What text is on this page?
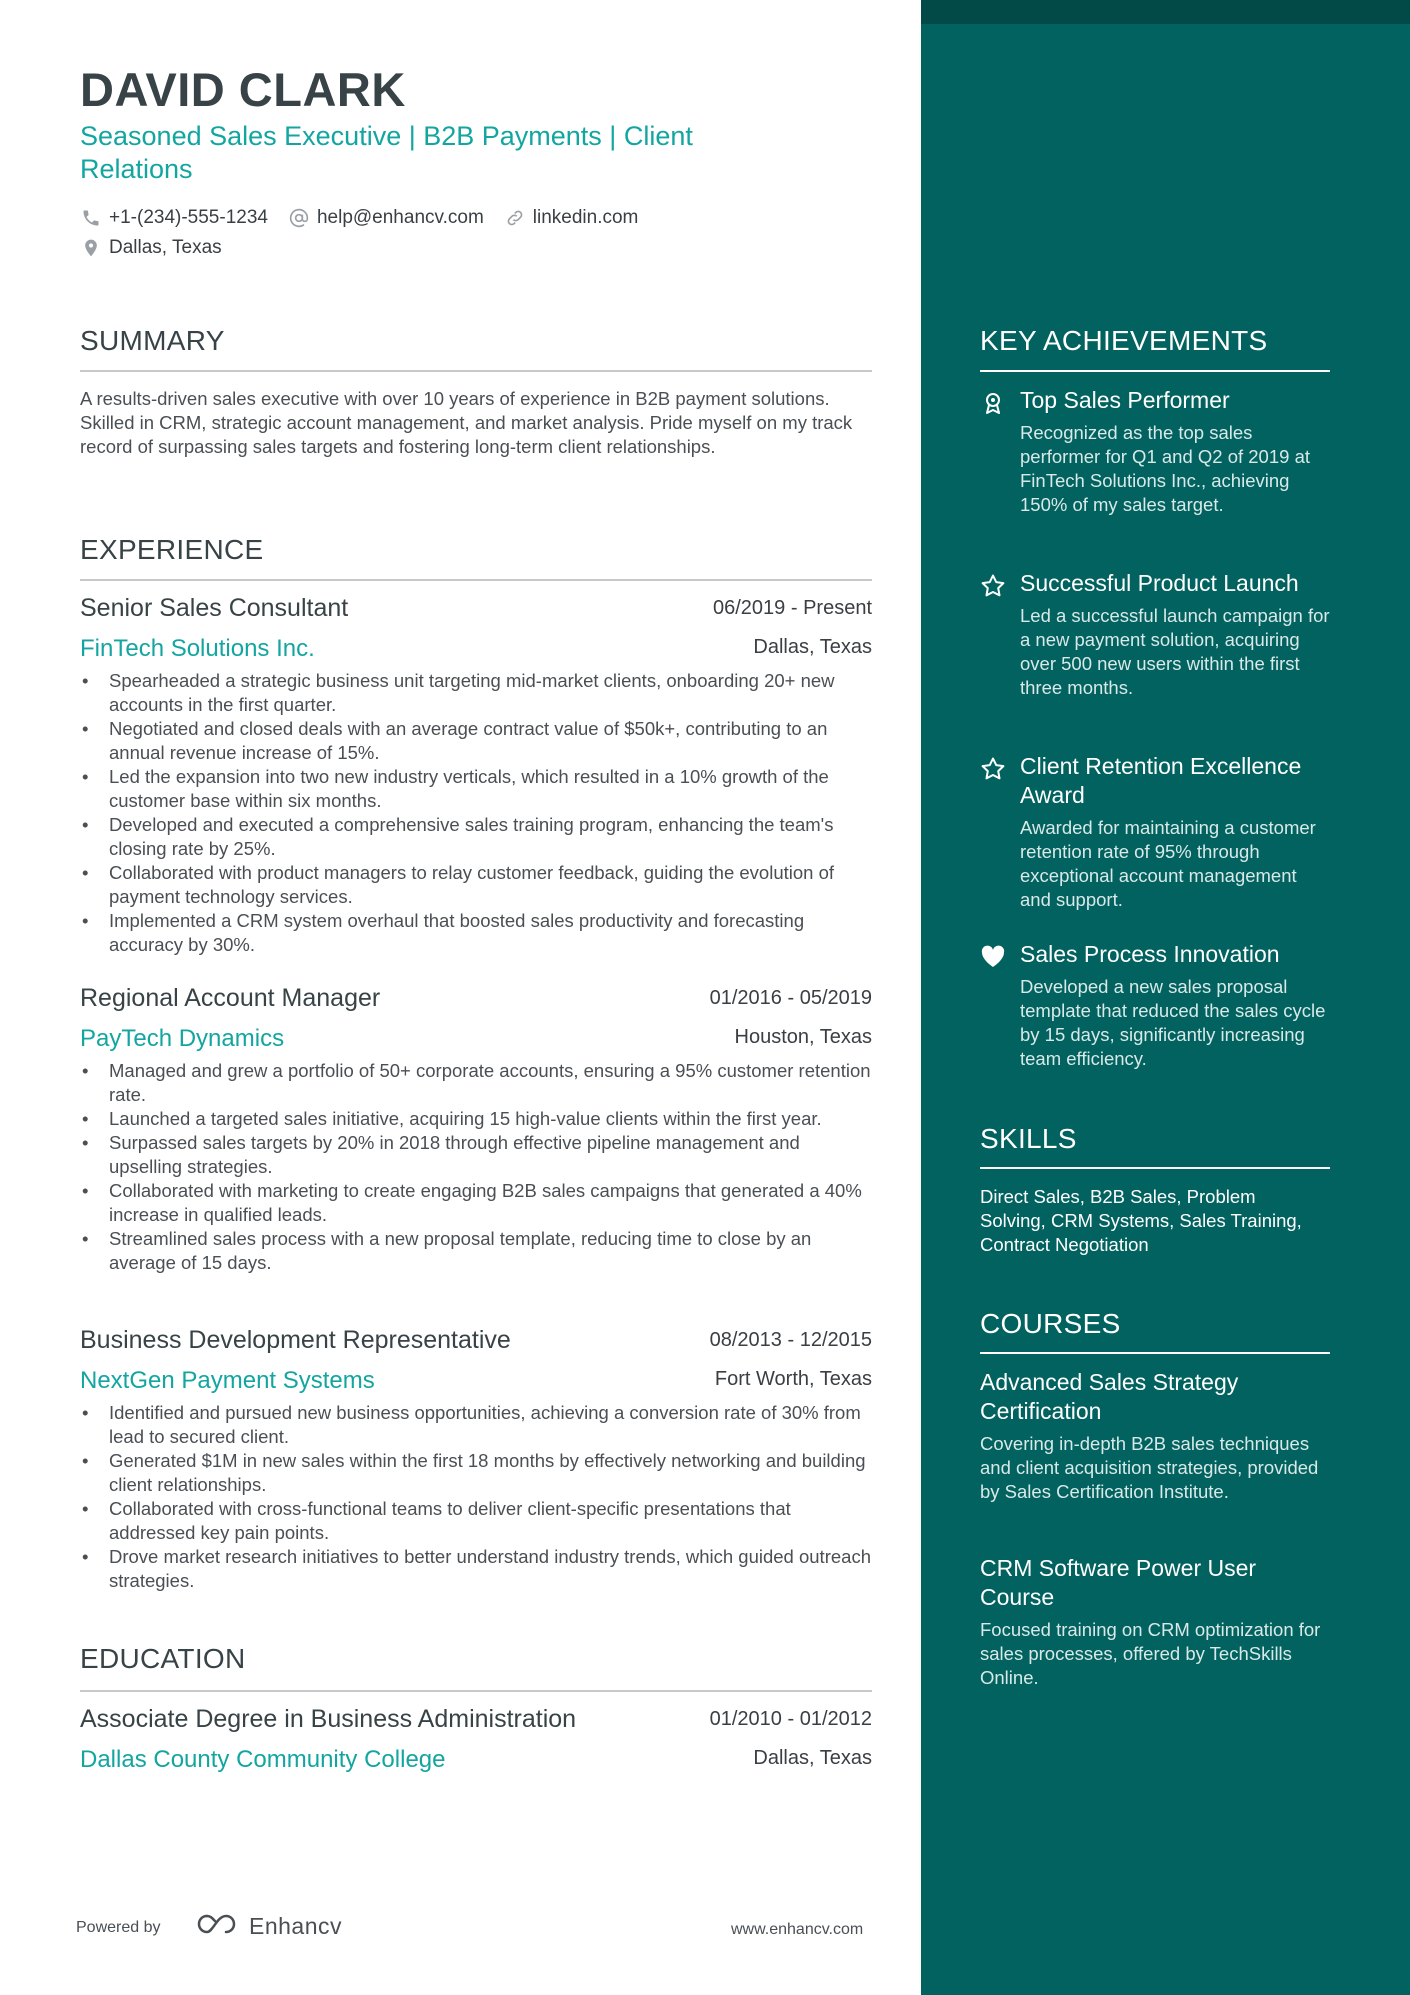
DAVID CLARK

Seasoned Sales Executive | B2B Payments | Client Relations

+1-(234)-555-1234	help@enhancv.com	linkedin.com
Dallas, Texas
SUMMARY

A results-driven sales executive with over 10 years of experience in B2B payment solutions. Skilled in CRM, strategic account management, and market analysis. Pride myself on my track record of surpassing sales targets and fostering long-term client relationships.

EXPERIENCE
Senior Sales Consultant	06/2019 - Present
FinTech Solutions Inc.	Dallas, Texas
• Spearheaded a strategic business unit targeting mid-market clients, onboarding 20+ new accounts in the first quarter.
• Negotiated and closed deals with an average contract value of $50k+, contributing to an annual revenue increase of 15%.
• Led the expansion into two new industry verticals, which resulted in a 10% growth of the customer base within six months.
• Developed and executed a comprehensive sales training program, enhancing the team's closing rate by 25%.
• Collaborated with product managers to relay customer feedback, guiding the evolution of payment technology services.
• Implemented a CRM system overhaul that boosted sales productivity and forecasting accuracy by 30%.
Regional Account Manager	01/2016 - 05/2019
PayTech Dynamics	Houston, Texas
• Managed and grew a portfolio of 50+ corporate accounts, ensuring a 95% customer retention rate.
• Launched a targeted sales initiative, acquiring 15 high-value clients within the first year.
• Surpassed sales targets by 20% in 2018 through effective pipeline management and upselling strategies.
• Collaborated with marketing to create engaging B2B sales campaigns that generated a 40% increase in qualified leads.
• Streamlined sales process with a new proposal template, reducing time to close by an average of 15 days.
Business Development Representative	08/2013 - 12/2015
NextGen Payment Systems	Fort Worth, Texas
• Identified and pursued new business opportunities, achieving a conversion rate of 30% from lead to secured client.
• Generated $1M in new sales within the first 18 months by effectively networking and building client relationships.
• Collaborated with cross-functional teams to deliver client-specific presentations that addressed key pain points.
• Drove market research initiatives to better understand industry trends, which guided outreach strategies.
EDUCATION
Associate Degree in Business Administration	01/2010 - 01/2012
Dallas County Community College	Dallas, Texas
Powered by	Enhancv	www.enhancv.com
KEY ACHIEVEMENTS
Top Sales Performer

Recognized as the top sales performer for Q1 and Q2 of 2019 at FinTech Solutions Inc., achieving 150% of my sales target.

Successful Product Launch

Led a successful launch campaign for a new payment solution, acquiring over 500 new users within the first three months.

Client Retention Excellence Award

Awarded for maintaining a customer retention rate of 95% through exceptional account management and support.

Sales Process Innovation

Developed a new sales proposal template that reduced the sales cycle by 15 days, significantly increasing team efficiency.

SKILLS

Direct Sales, B2B Sales, Problem Solving, CRM Systems, Sales Training, Contract Negotiation

COURSES
Advanced Sales Strategy Certification
Covering in-depth B2B sales techniques and client acquisition strategies, provided by Sales Certification Institute.
CRM Software Power User Course
Focused training on CRM optimization for sales processes, offered by TechSkills Online.
